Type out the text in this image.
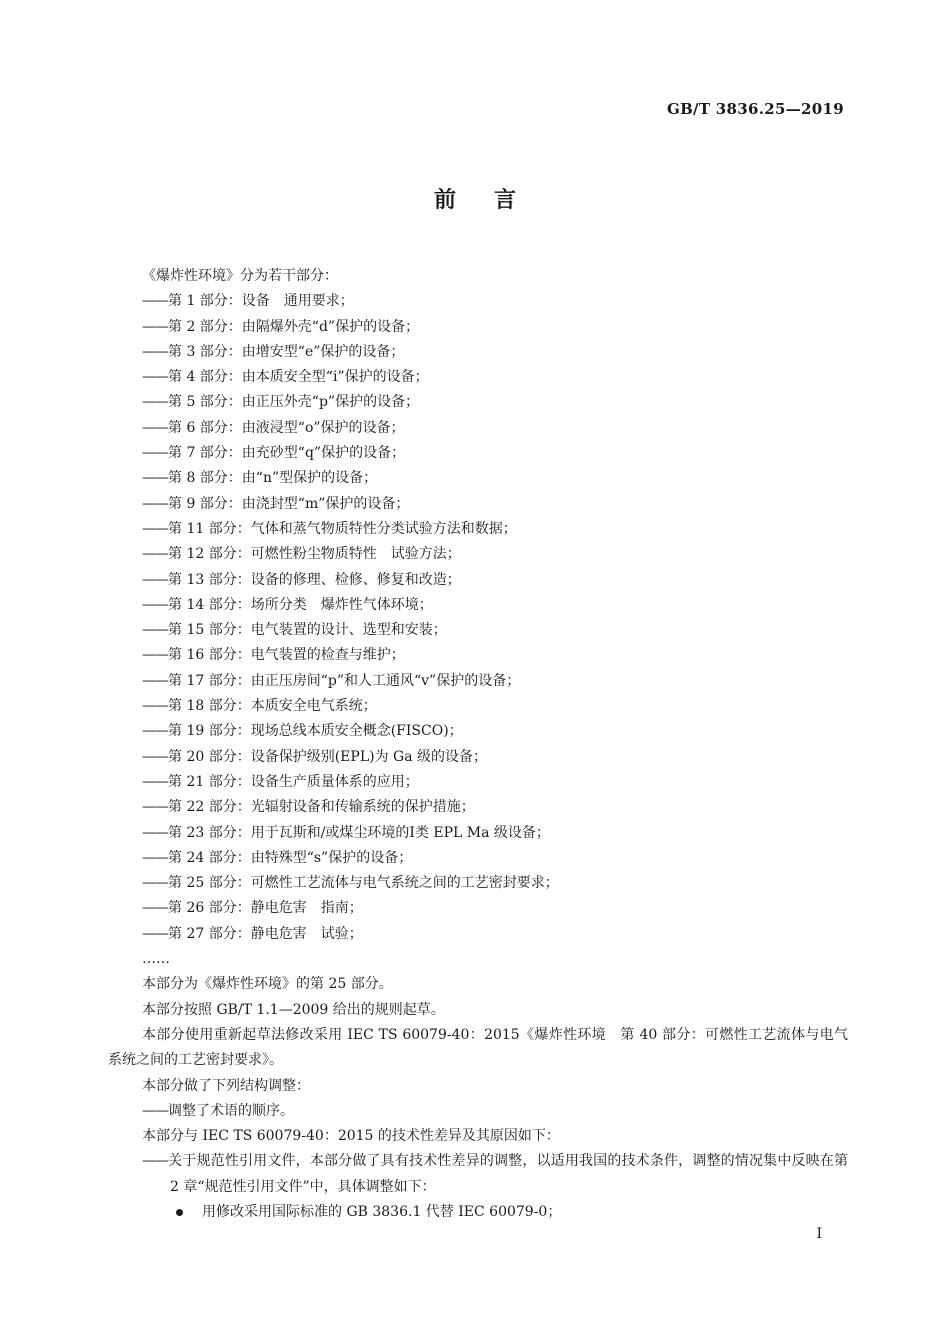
GB/T 3836.25—2019
前言
《爆炸性环境》分为若干部分：
—— 第 1 部分：设备　通用要求；
—— 第 2 部分：由隔爆外壳“d”保护的设备；
—— 第 3 部分：由增安型“e”保护的设备；
—— 第 4 部分：由本质安全型“i”保护的设备；
—— 第 5 部分：由正压外壳“p”保护的设备；
—— 第 6 部分：由液浸型“o”保护的设备；
—— 第 7 部分：由充砂型“q”保护的设备；
—— 第 8 部分：由“n”型保护的设备；
—— 第 9 部分：由浇封型“m”保护的设备；
—— 第 11 部分：气体和蒸气物质特性分类试验方法和数据；
—— 第 12 部分：可燃性粉尘物质特性　试验方法；
—— 第 13 部分：设备的修理、检修、修复和改造；
—— 第 14 部分：场所分类　爆炸性气体环境；
—— 第 15 部分：电气装置的设计、选型和安装；
—— 第 16 部分：电气装置的检查与维护；
—— 第 17 部分：由正压房间“p”和人工通风“v”保护的设备；
—— 第 18 部分：本质安全电气系统；
—— 第 19 部分：现场总线本质安全概念(FISCO)；
—— 第 20 部分：设备保护级别(EPL)为 Ga 级的设备；
—— 第 21 部分：设备生产质量体系的应用；
—— 第 22 部分：光辐射设备和传输系统的保护措施；
—— 第 23 部分：用于瓦斯和/或煤尘环境的Ⅰ类 EPL Ma 级设备；
—— 第 24 部分：由特殊型“s”保护的设备；
—— 第 25 部分：可燃性工艺流体与电气系统之间的工艺密封要求；
—— 第 26 部分：静电危害　指南；
—— 第 27 部分：静电危害　试验；
……
本部分为《爆炸性环境》的第 25 部分。
本部分按照 GB/T 1.1—2009 给出的规则起草。
本部分使用重新起草法修改采用 IEC TS 60079-40：2015《爆炸性环境　第 40 部分：可燃性工艺流体与电气系统之间的工艺密封要求》。
本部分做了下列结构调整：
—— 调整了术语的顺序。
本部分与 IEC TS 60079-40：2015 的技术性差异及其原因如下：
—— 关于规范性引用文件，本部分做了具有技术性差异的调整，以适用我国的技术条件，调整的情况集中反映在第 2 章“规范性引用文件”中，具体调整如下：
用修改采用国际标准的 GB 3836.1 代替 IEC 60079-0；
Ⅰ
